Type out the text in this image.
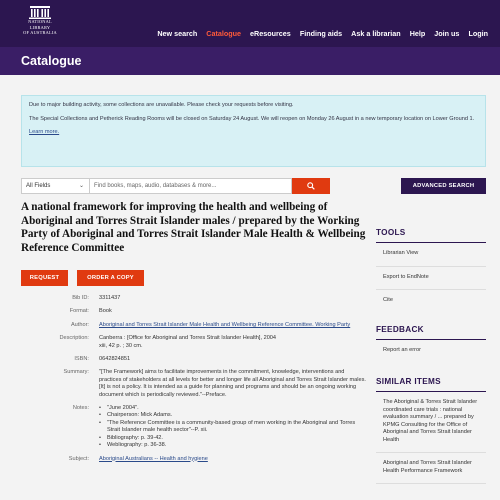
NATIONAL
LIBRARY
OF AUSTRALIA	New search Catalogue eResources Finding aids Ask a librarian Help Join us Login
Catalogue

Due to major building activity, some collections are unavailable. Please check your requests before visiting.

The Special Collections and Petherick Reading Rooms will be closed on Saturday 24 August. We will reopen on Monday 26 August in a new temporary location on Lower Ground 1.

Learn more.

All Fields	⌄	Find books, maps, audio, databases & more...	ADVANCED SEARCH
A national framework for improving the health and wellbeing of Aboriginal and Torres Strait Islander males / prepared by the Working Party of Aboriginal and Torres Strait Islander Male Health & Wellbeing Reference Committee
REQUEST	ORDER A COPY
Bib ID:	3311437
Format:	Book
Author:	Aboriginal and Torres Strait Islander Male Health and Wellbeing Reference Committee. Working Party
Description:	Canberra : [Office for Aboriginal and Torres Strait Islander Health], 2004
xiii, 42 p. ; 30 cm.
ISBN:	0642824851
Summary:	"[The Framework] aims to facilitate improvements in the commitment, knowledge, interventions and practices of stakeholders at all levels for better and longer life all Aboriginal and Torres Strait Islander males. [It] is not a policy. It is intended as a guide for planning and programs and should be an ongoing working document which is periodically reviewed."--Preface.
Notes:
•	"June 2004".
• Chairperson: Mick Adams.
• "The Reference Committee is a community-based group of men working in the Aboriginal and Torres Strait Islander male health sector"--P. xii.
• Bibliography: p. 39-42.
• Webliography: p. 36-38.
Subject:	Aboriginal Australians -- Health and hygiene
TOOLS
Librarian View
Export to EndNote
Cite
FEEDBACK
Report an error
SIMILAR ITEMS
The Aboriginal & Torres Strait Islander coordinated care trials : national evaluation summary / ... prepared by KPMG Consulting for the Office of Aboriginal and Torres Strait Islander Health
Aboriginal and Torres Strait Islander Health Performance Framework
